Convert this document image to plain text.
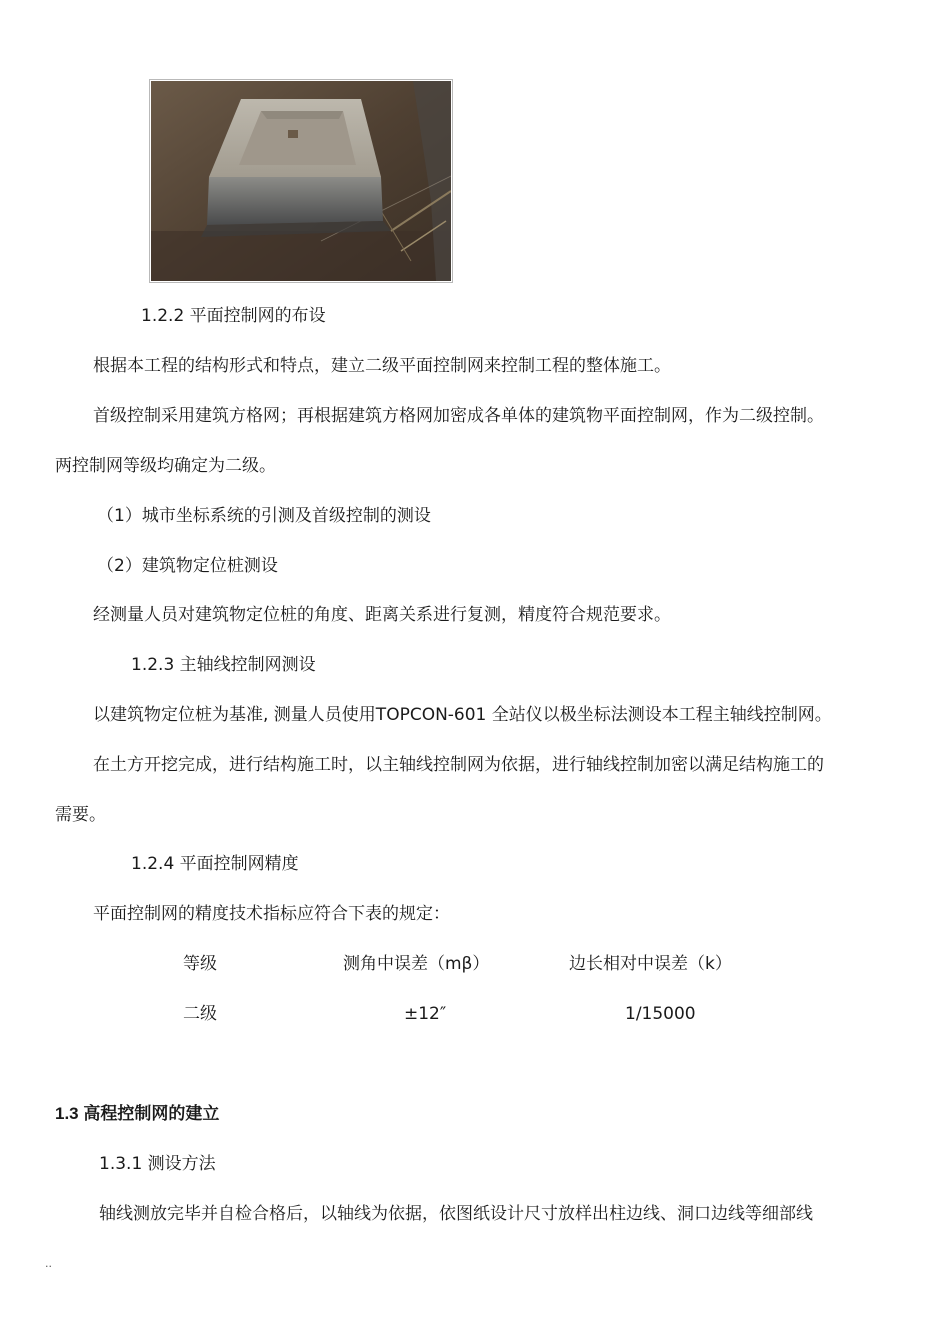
1.2.2 平面控制网的布设
根据本工程的结构形式和特点，建立二级平面控制网来控制工程的整体施工。
首级控制采用建筑方格网；再根据建筑方格网加密成各单体的建筑物平面控制网，作为二级控制。
两控制网等级均确定为二级。
（1）城市坐标系统的引测及首级控制的测设
（2）建筑物定位桩测设
经测量人员对建筑物定位桩的角度、距离关系进行复测，精度符合规范要求。
1.2.3 主轴线控制网测设
以建筑物定位桩为基准, 测量人员使用TOPCON-601 全站仪以极坐标法测设本工程主轴线控制网。
在土方开挖完成，进行结构施工时，以主轴线控制网为依据，进行轴线控制加密以满足结构施工的
需要。
1.2.4 平面控制网精度
平面控制网的精度技术指标应符合下表的规定：
等级	测角中误差（mβ）	边长相对中误差（k）
二级	±12″	1/15000
1.3 高程控制网的建立
1.3.1 测设方法
轴线测放完毕并自检合格后，以轴线为依据，依图纸设计尺寸放样出柱边线、洞口边线等细部线
..
